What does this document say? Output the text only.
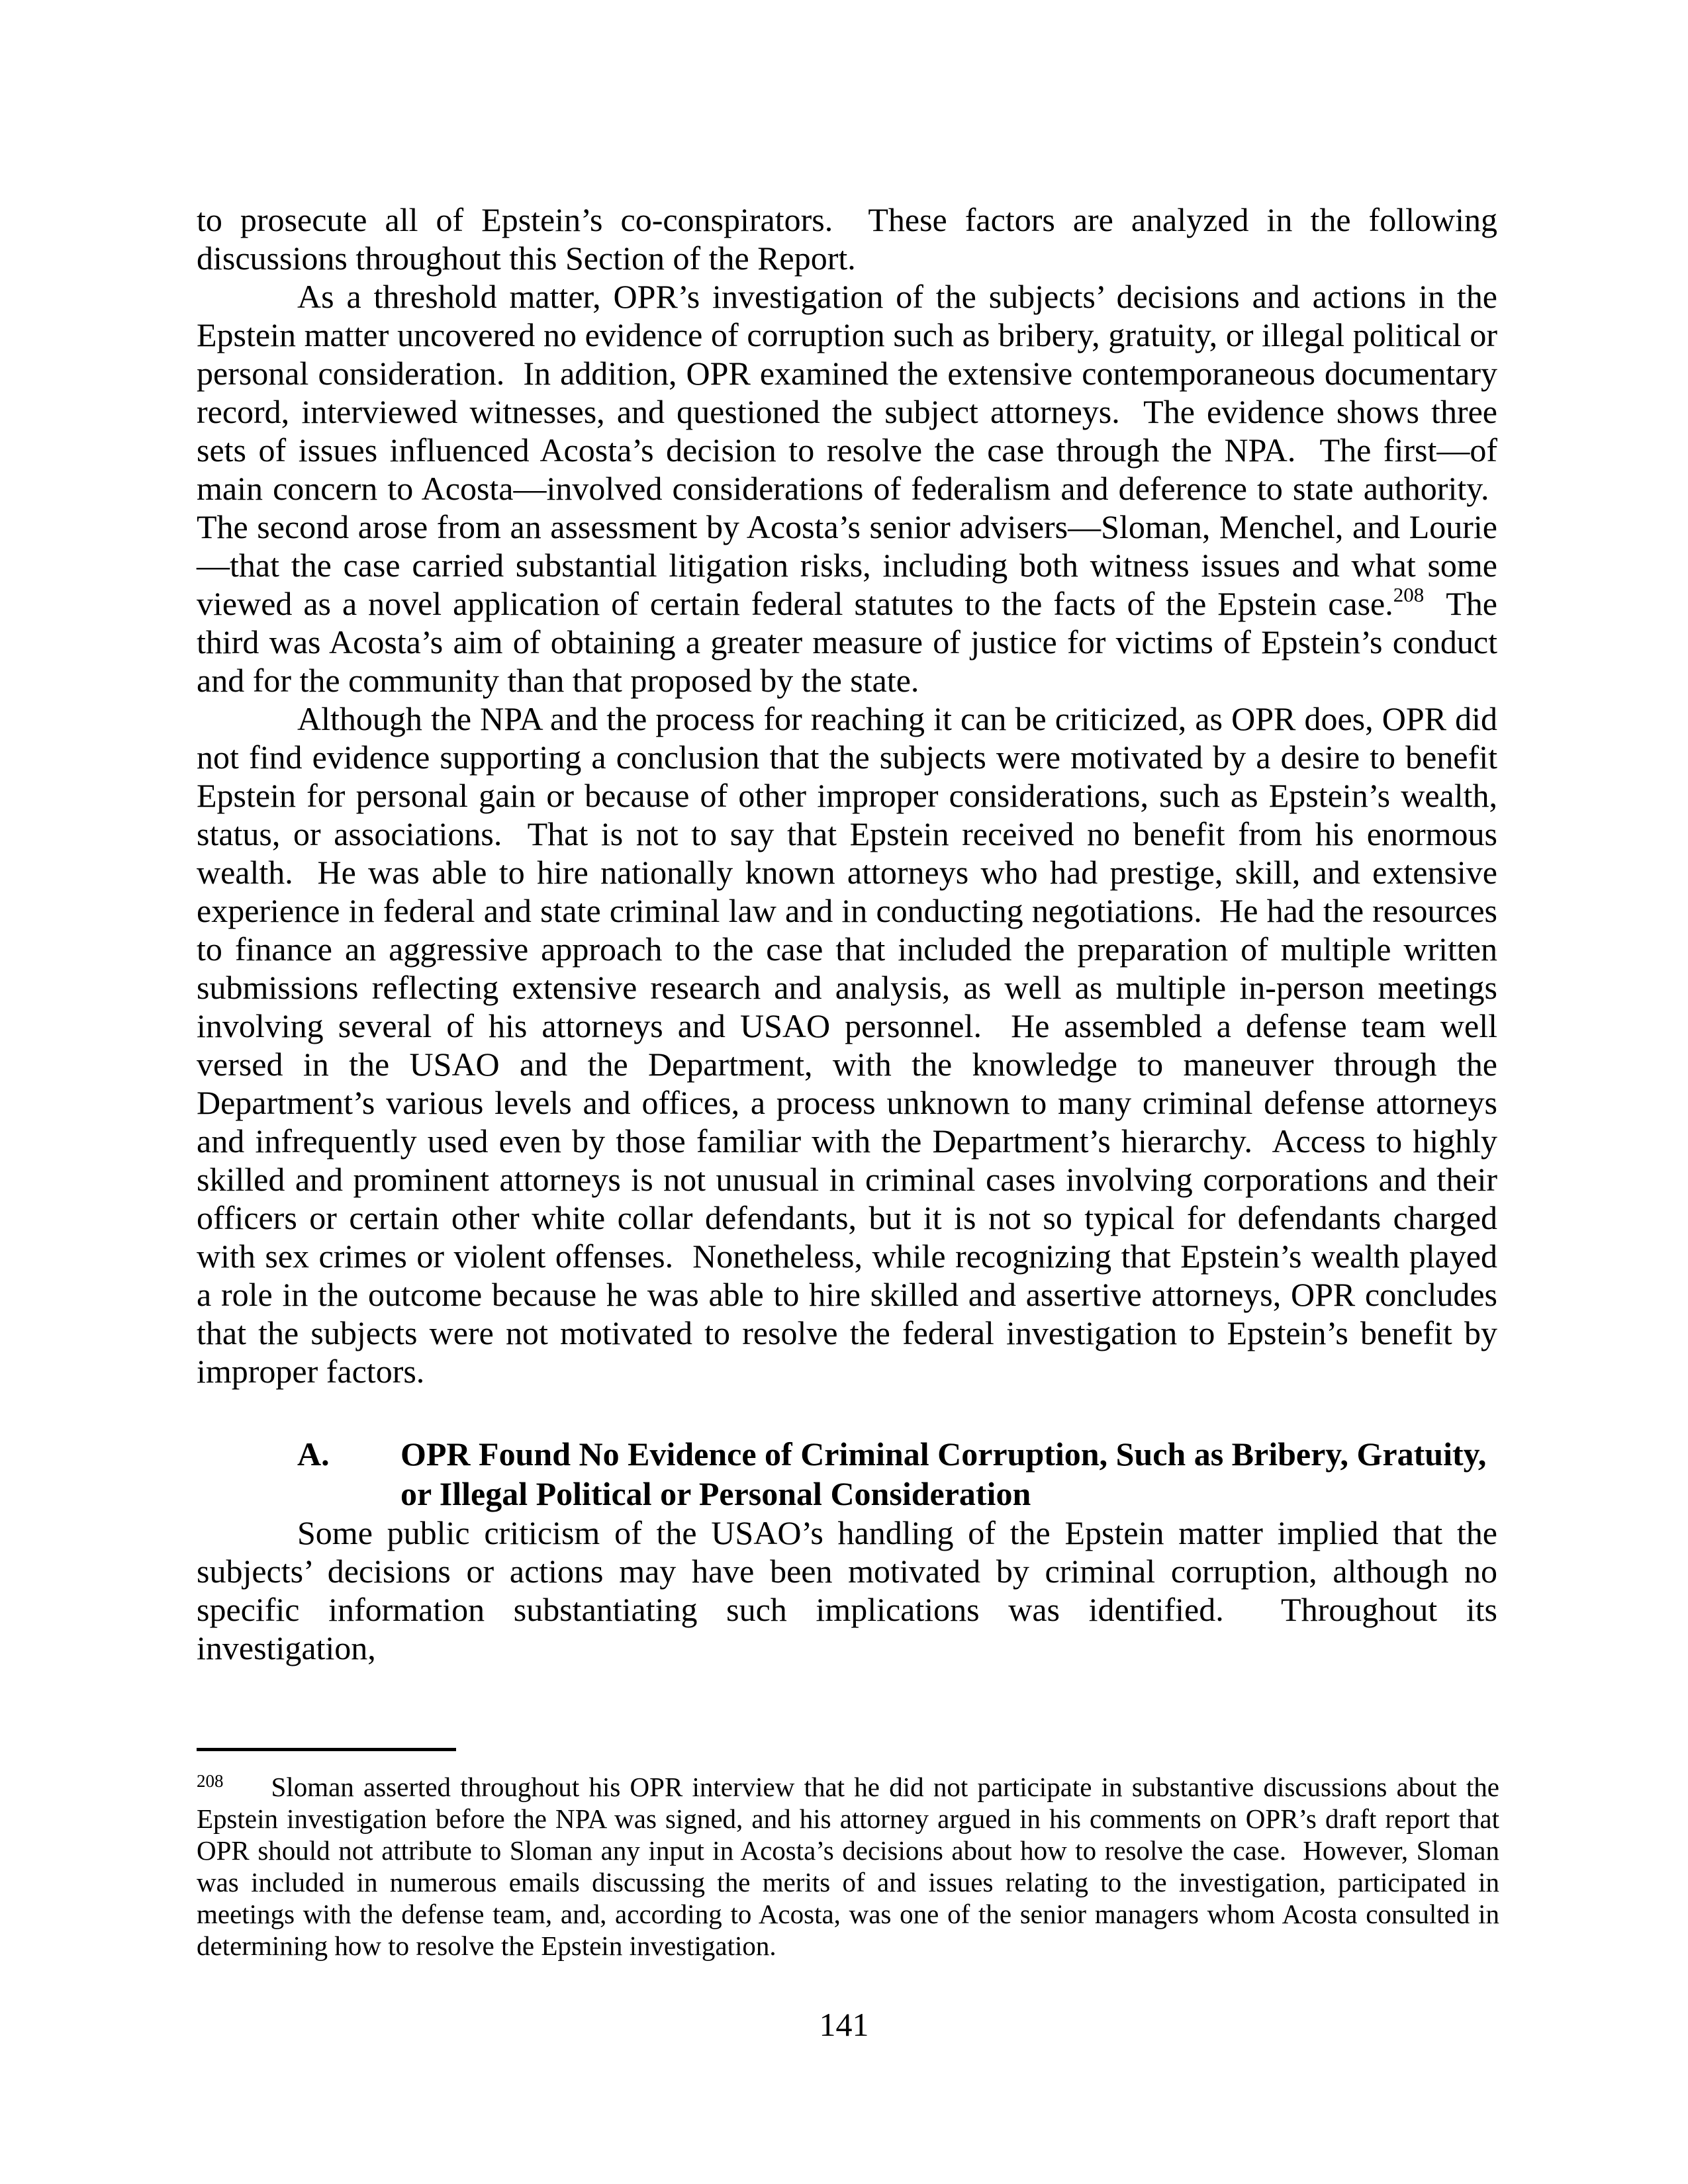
to prosecute all of Epstein’s co-conspirators.  These factors are analyzed in the following discussions throughout this Section of the Report.

As a threshold matter, OPR’s investigation of the subjects’ decisions and actions in the Epstein matter uncovered no evidence of corruption such as bribery, gratuity, or illegal political or personal consideration.  In addition, OPR examined the extensive contemporaneous documentary record, interviewed witnesses, and questioned the subject attorneys.  The evidence shows three sets of issues influenced Acosta’s decision to resolve the case through the NPA.  The first—of main concern to Acosta—involved considerations of federalism and deference to state authority.  The second arose from an assessment by Acosta’s senior advisers—Sloman, Menchel, and Lourie—that the case carried substantial litigation risks, including both witness issues and what some viewed as a novel application of certain federal statutes to the facts of the Epstein case.$^{208}$  The third was Acosta’s aim of obtaining a greater measure of justice for victims of Epstein’s conduct and for the community than that proposed by the state.

Although the NPA and the process for reaching it can be criticized, as OPR does, OPR did not find evidence supporting a conclusion that the subjects were motivated by a desire to benefit Epstein for personal gain or because of other improper considerations, such as Epstein’s wealth, status, or associations.  That is not to say that Epstein received no benefit from his enormous wealth.  He was able to hire nationally known attorneys who had prestige, skill, and extensive experience in federal and state criminal law and in conducting negotiations.  He had the resources to finance an aggressive approach to the case that included the preparation of multiple written submissions reflecting extensive research and analysis, as well as multiple in-person meetings involving several of his attorneys and USAO personnel.  He assembled a defense team well versed in the USAO and the Department, with the knowledge to maneuver through the Department’s various levels and offices, a process unknown to many criminal defense attorneys and infrequently used even by those familiar with the Department’s hierarchy.  Access to highly skilled and prominent attorneys is not unusual in criminal cases involving corporations and their officers or certain other white collar defendants, but it is not so typical for defendants charged with sex crimes or violent offenses.  Nonetheless, while recognizing that Epstein’s wealth played a role in the outcome because he was able to hire skilled and assertive attorneys, OPR concludes that the subjects were not motivated to resolve the federal investigation to Epstein’s benefit by improper factors.

A.	OPR Found No Evidence of Criminal Corruption, Such as Bribery, Gratuity, or Illegal Political or Personal Consideration

Some public criticism of the USAO’s handling of the Epstein matter implied that the subjects’ decisions or actions may have been motivated by criminal corruption, although no specific information substantiating such implications was identified.  Throughout its investigation,

$^{208}$ Sloman asserted throughout his OPR interview that he did not participate in substantive discussions about the Epstein investigation before the NPA was signed, and his attorney argued in his comments on OPR’s draft report that OPR should not attribute to Sloman any input in Acosta’s decisions about how to resolve the case.  However, Sloman was included in numerous emails discussing the merits of and issues relating to the investigation, participated in meetings with the defense team, and, according to Acosta, was one of the senior managers whom Acosta consulted in determining how to resolve the Epstein investigation.

141
